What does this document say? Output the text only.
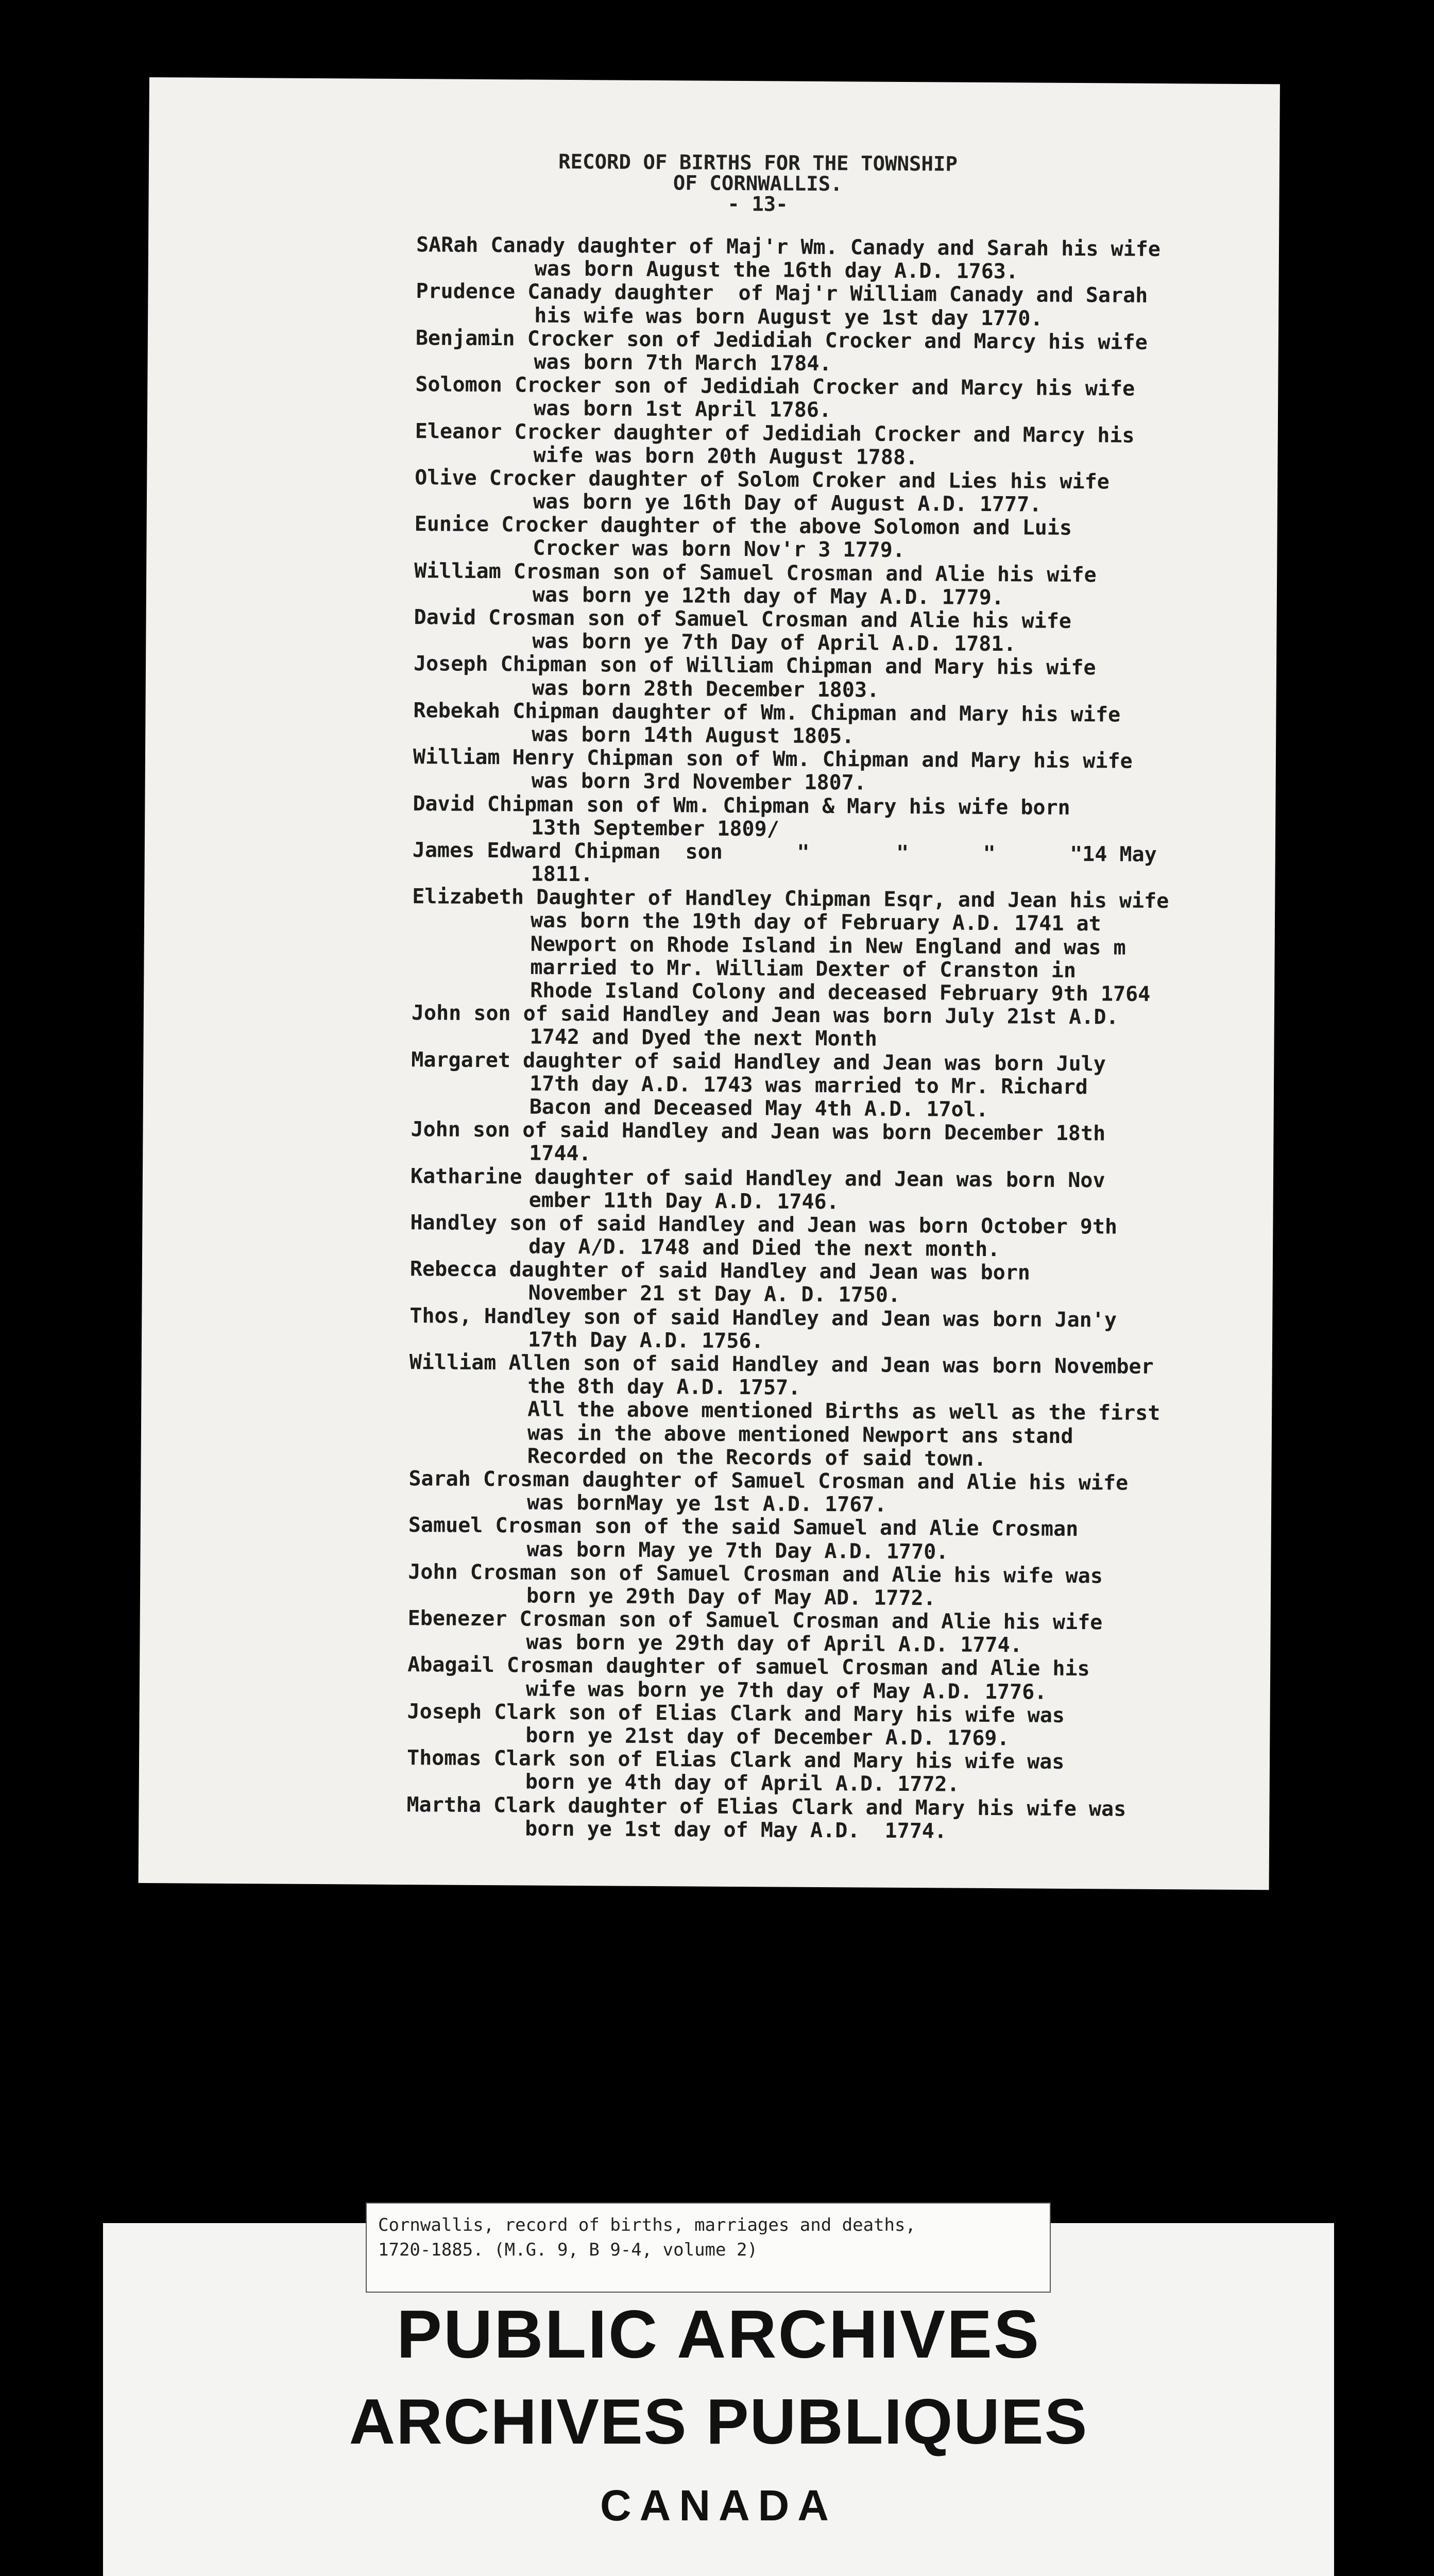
RECORD OF BIRTHS FOR THE TOWNSHIP
OF CORNWALLIS.
- 13-
SARah Canady daughter of Maj'r Wm. Canady and Sarah his wife
was born August the 16th day A.D. 1763.
Prudence Canady daughter  of Maj'r William Canady and Sarah
his wife was born August ye 1st day 1770.
Benjamin Crocker son of Jedidiah Crocker and Marcy his wife
was born 7th March 1784.
Solomon Crocker son of Jedidiah Crocker and Marcy his wife
was born 1st April 1786.
Eleanor Crocker daughter of Jedidiah Crocker and Marcy his
wife was born 20th August 1788.
Olive Crocker daughter of Solom Croker and Lies his wife
was born ye 16th Day of August A.D. 1777.
Eunice Crocker daughter of the above Solomon and Luis
Crocker was born Nov'r 3 1779.
William Crosman son of Samuel Crosman and Alie his wife
was born ye 12th day of May A.D. 1779.
David Crosman son of Samuel Crosman and Alie his wife
was born ye 7th Day of April A.D. 1781.
Joseph Chipman son of William Chipman and Mary his wife
was born 28th December 1803.
Rebekah Chipman daughter of Wm. Chipman and Mary his wife
was born 14th August 1805.
William Henry Chipman son of Wm. Chipman and Mary his wife
was born 3rd November 1807.
David Chipman son of Wm. Chipman & Mary his wife born
13th September 1809/
James Edward Chipman  son      "       "      "      "14 May
1811.
Elizabeth Daughter of Handley Chipman Esqr, and Jean his wife
was born the 19th day of February A.D. 1741 at
Newport on Rhode Island in New England and was m
married to Mr. William Dexter of Cranston in
Rhode Island Colony and deceased February 9th 1764
John son of said Handley and Jean was born July 21st A.D.
1742 and Dyed the next Month
Margaret daughter of said Handley and Jean was born July
17th day A.D. 1743 was married to Mr. Richard
Bacon and Deceased May 4th A.D. 17ol.
John son of said Handley and Jean was born December 18th
1744.
Katharine daughter of said Handley and Jean was born Nov
ember 11th Day A.D. 1746.
Handley son of said Handley and Jean was born October 9th
day A/D. 1748 and Died the next month.
Rebecca daughter of said Handley and Jean was born
November 21 st Day A. D. 1750.
Thos, Handley son of said Handley and Jean was born Jan'y
17th Day A.D. 1756.
William Allen son of said Handley and Jean was born November
the 8th day A.D. 1757.
All the above mentioned Births as well as the first
was in the above mentioned Newport ans stand
Recorded on the Records of said town.
Sarah Crosman daughter of Samuel Crosman and Alie his wife
was bornMay ye 1st A.D. 1767.
Samuel Crosman son of the said Samuel and Alie Crosman
was born May ye 7th Day A.D. 1770.
John Crosman son of Samuel Crosman and Alie his wife was
born ye 29th Day of May AD. 1772.
Ebenezer Crosman son of Samuel Crosman and Alie his wife
was born ye 29th day of April A.D. 1774.
Abagail Crosman daughter of samuel Crosman and Alie his
wife was born ye 7th day of May A.D. 1776.
Joseph Clark son of Elias Clark and Mary his wife was
born ye 21st day of December A.D. 1769.
Thomas Clark son of Elias Clark and Mary his wife was
born ye 4th day of April A.D. 1772.
Martha Clark daughter of Elias Clark and Mary his wife was
born ye 1st day of May A.D.  1774.
Cornwallis, record of births, marriages and deaths,
1720-1885. (M.G. 9, B 9-4, volume 2)
PUBLIC ARCHIVES
ARCHIVES PUBLIQUES
CANADA
